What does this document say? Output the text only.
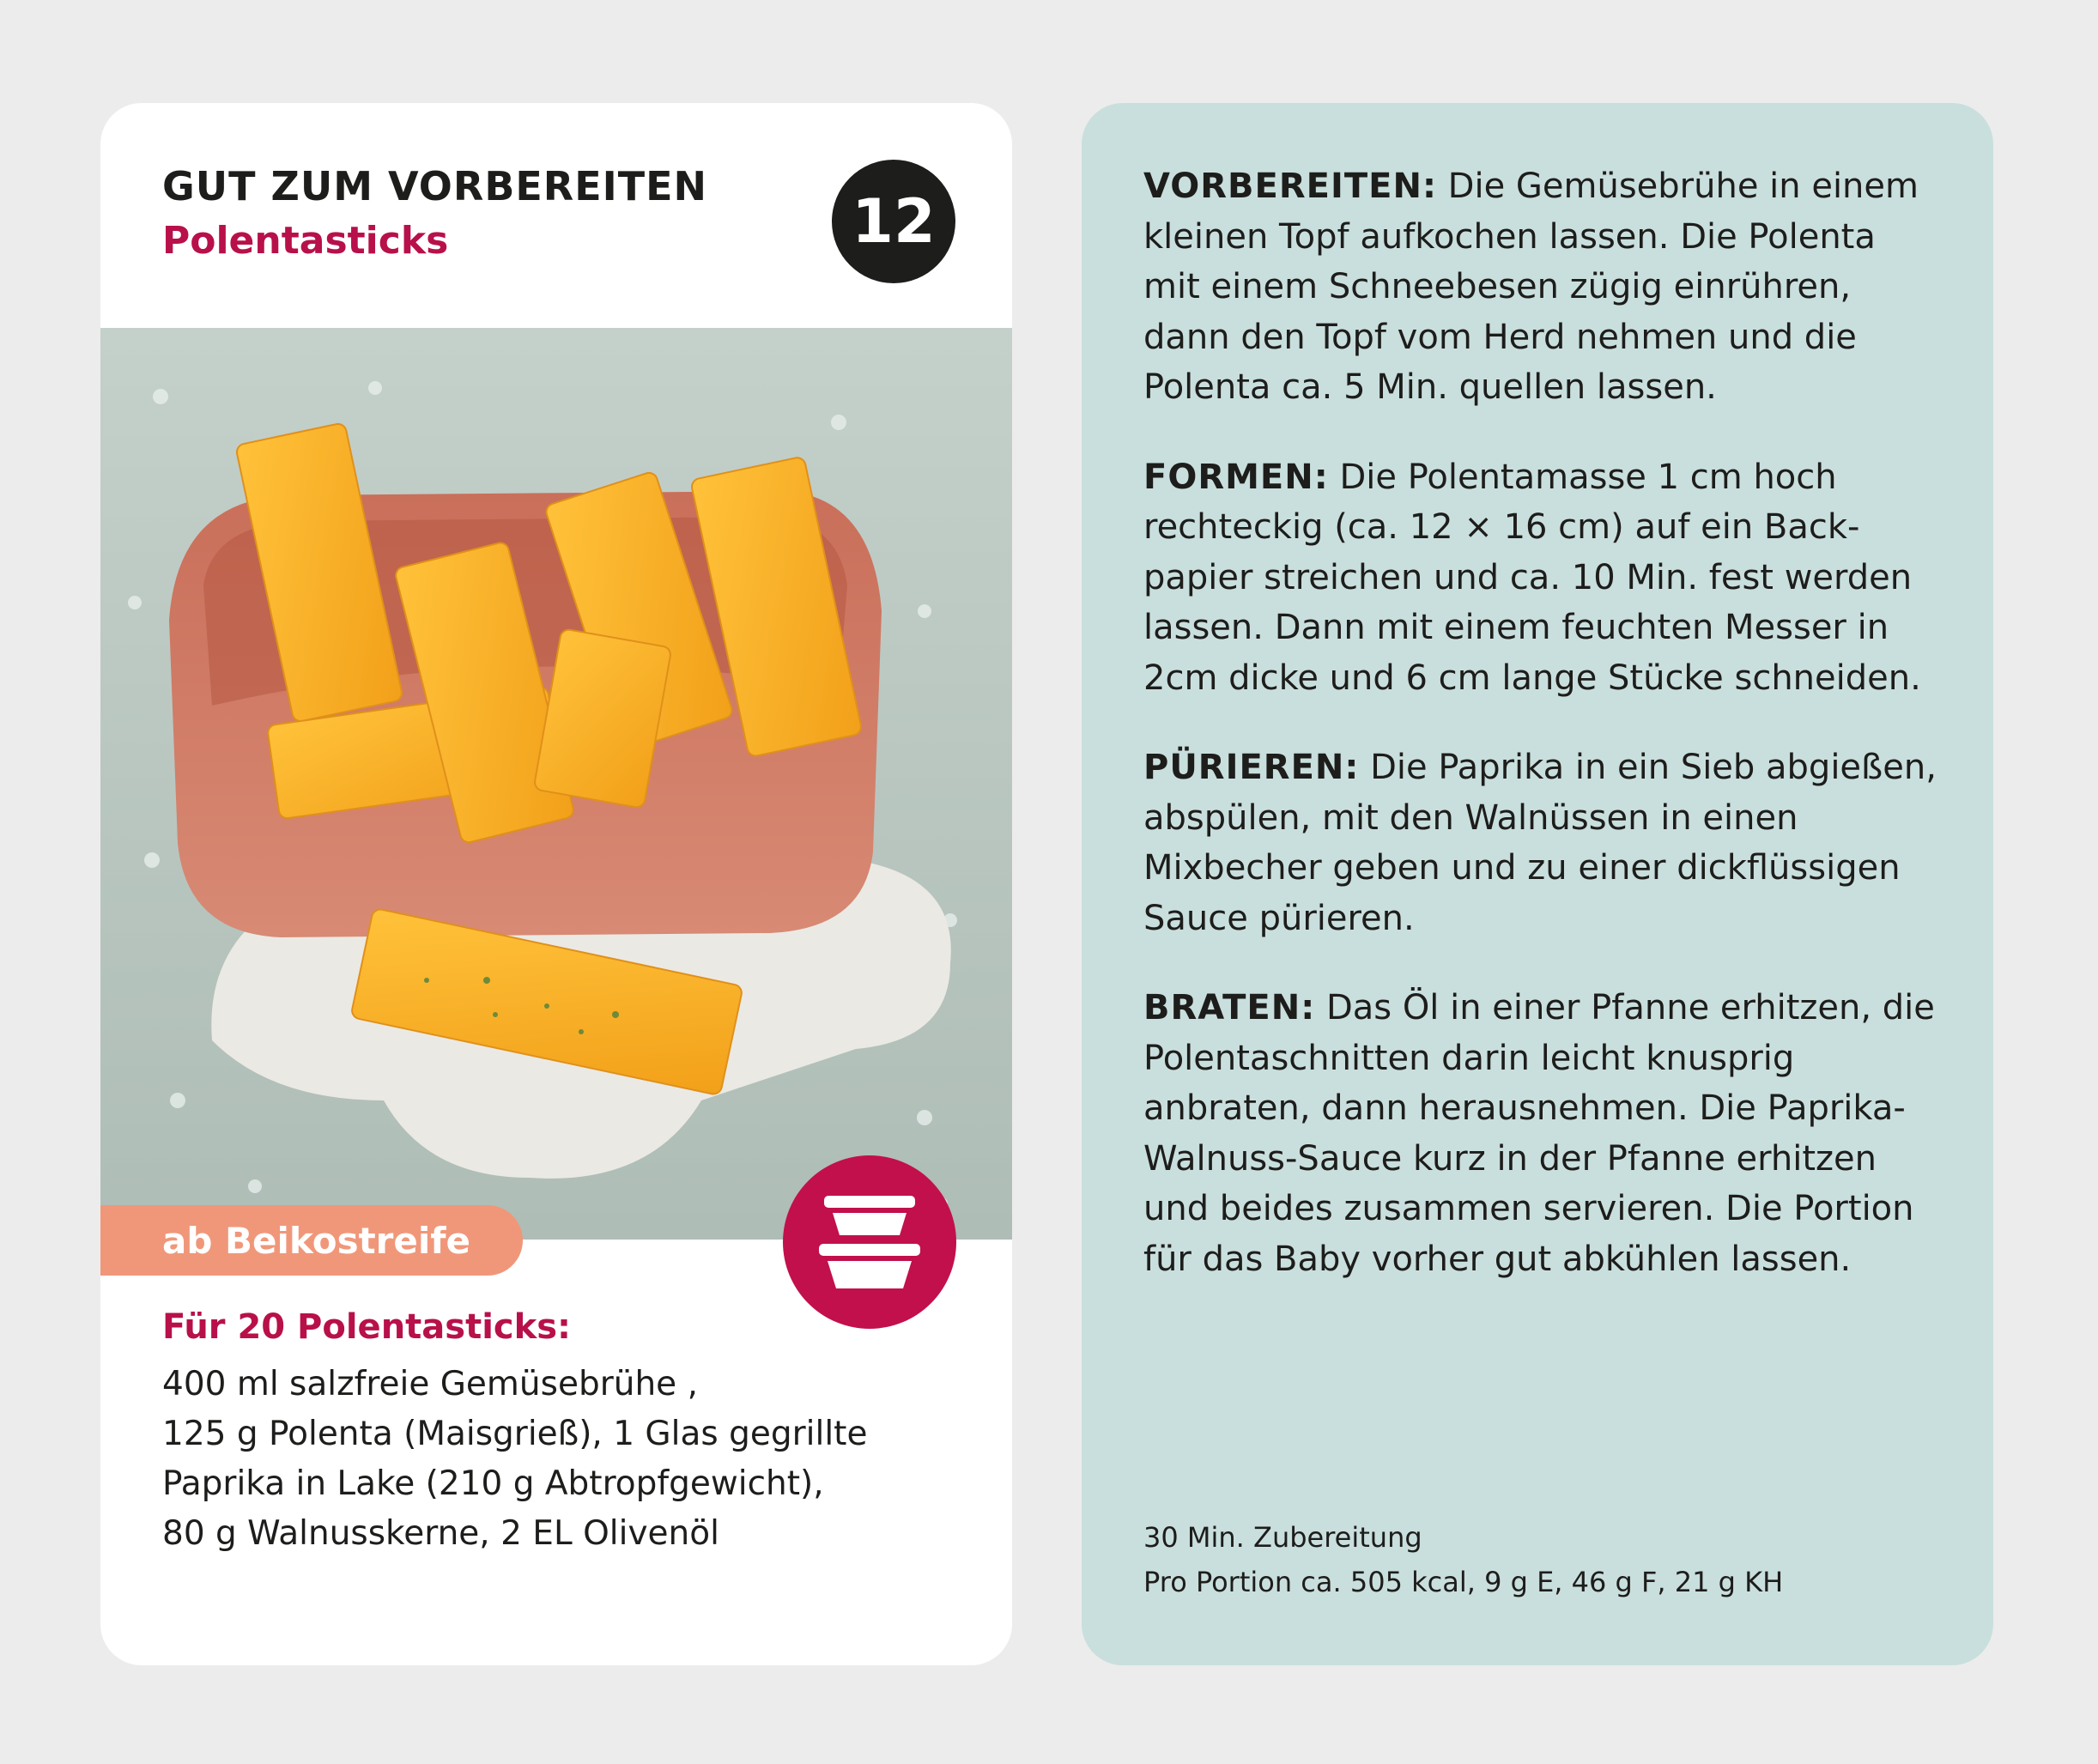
GUT ZUM VORBEREITEN

Polentasticks	12
ab Beikostreife

Für 20 Polentasticks:

400 ml salzfreie Gemüsebrühe ,

125 g Polenta (Maisgrieß), 1 Glas gegrillte

Paprika in Lake (210 g Abtropfgewicht),

80 g Walnusskerne, 2 EL Olivenöl

VORBEREITEN: Die Gemüsebrühe in einem kleinen Topf aufkochen lassen. Die Polenta mit einem Schneebesen zügig einrühren, dann den Topf vom Herd nehmen und die Polenta ca. 5 Min. quellen lassen.

FORMEN: Die Polentamasse 1 cm hoch rechteckig (ca. 12 × 16 cm) auf ein Backpapier streichen und ca. 10 Min. fest werden lassen. Dann mit einem feuchten Messer in 2cm dicke und 6 cm lange Stücke schneiden.

PÜRIEREN: Die Paprika in ein Sieb abgießen, abspülen, mit den Walnüssen in einen Mixbecher geben und zu einer dickflüssigen Sauce pürieren.

BRATEN: Das Öl in einer Pfanne erhitzen, die Polentaschnitten darin leicht knusprig anbraten, dann herausnehmen. Die Paprika-Walnuss-Sauce kurz in der Pfanne erhitzen und beides zusammen servieren. Die Portion für das Baby vorher gut abkühlen lassen.

30 Min. Zubereitung

Pro Portion ca. 505 kcal, 9 g E, 46 g F, 21 g KH
